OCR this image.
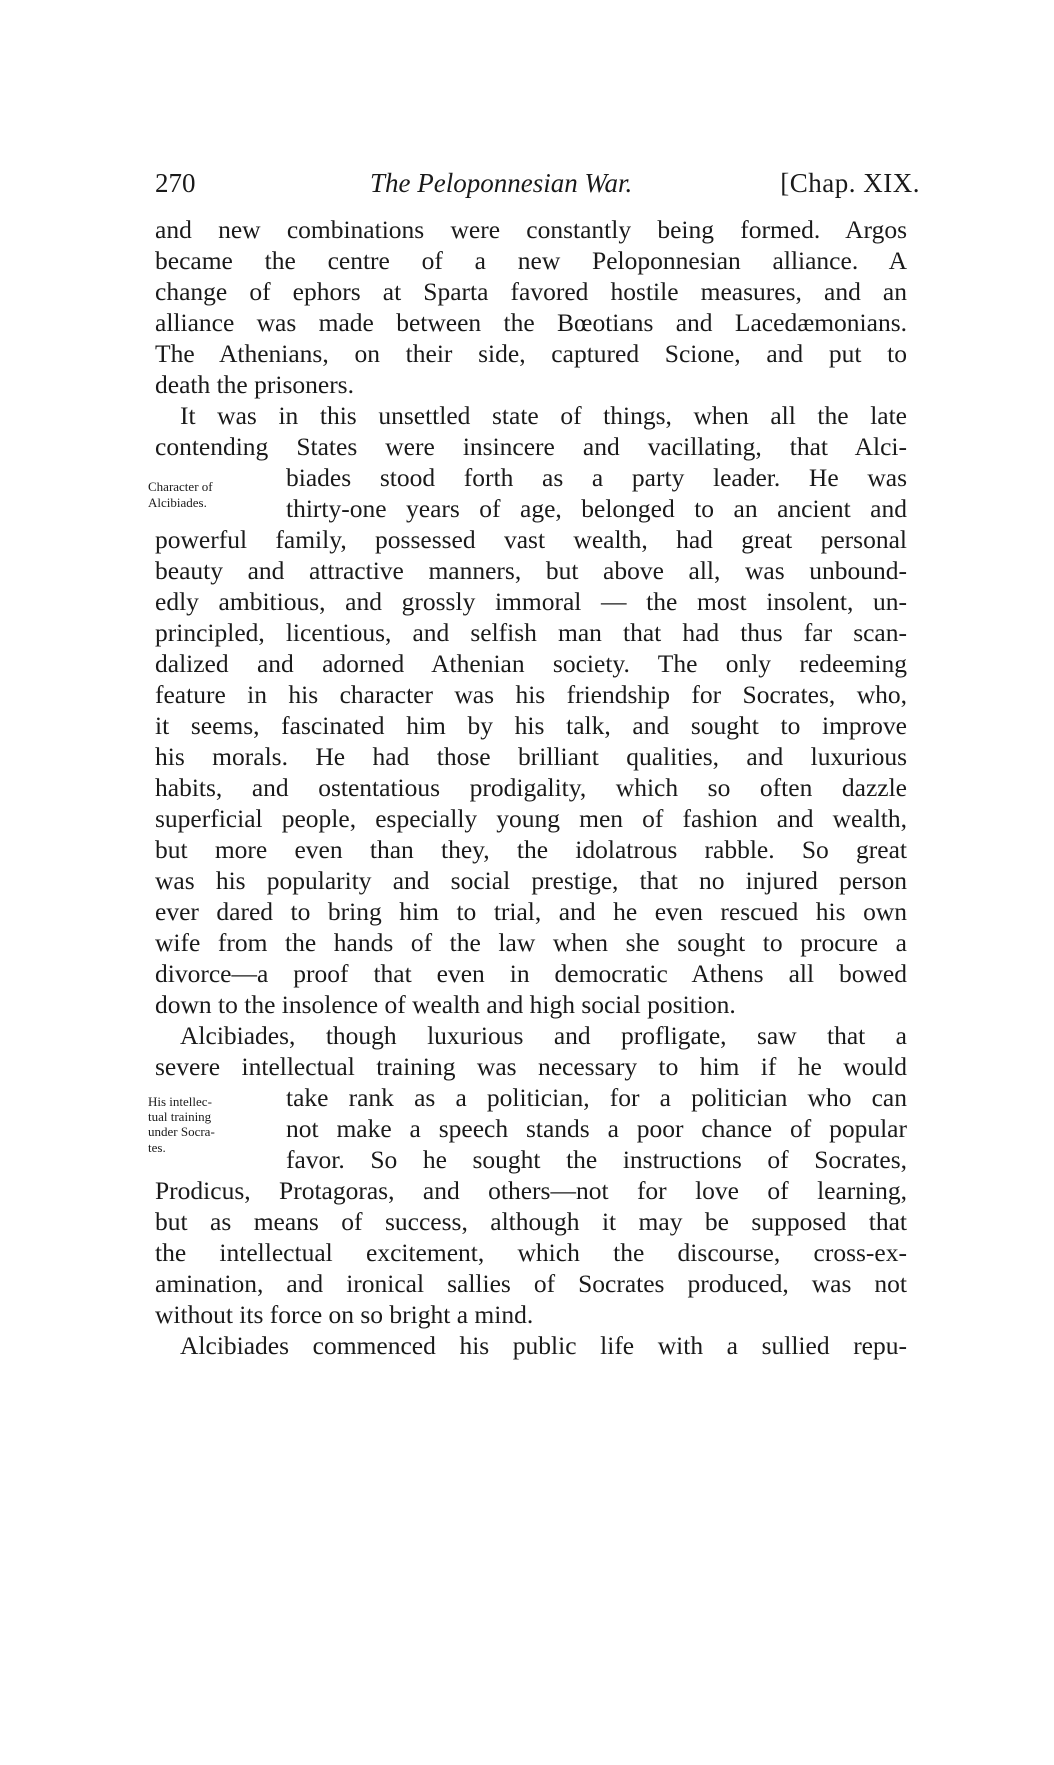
270	The Peloponnesian War.	[Chap. XIX.
and new combinations were constantly being formed. Argos
became the centre of a new Peloponnesian alliance. A
change of ephors at Sparta favored hostile measures, and an
alliance was made between the Bœotians and Lacedæmonians.
The Athenians, on their side, captured Scione, and put to
death the prisoners.
It was in this unsettled state of things, when all the late
contending States were insincere and vacillating, that Alci-
biades stood forth as a party leader. He was
thirty-one years of age, belonged to an ancient and
powerful family, possessed vast wealth, had great personal
beauty and attractive manners, but above all, was unbound-
edly ambitious, and grossly immoral — the most insolent, un-
principled, licentious, and selfish man that had thus far scan-
dalized and adorned Athenian society. The only redeeming
feature in his character was his friendship for Socrates, who,
it seems, fascinated him by his talk, and sought to improve
his morals. He had those brilliant qualities, and luxurious
habits, and ostentatious prodigality, which so often dazzle
superficial people, especially young men of fashion and wealth,
but more even than they, the idolatrous rabble. So great
was his popularity and social prestige, that no injured person
ever dared to bring him to trial, and he even rescued his own
wife from the hands of the law when she sought to procure a
divorce—a proof that even in democratic Athens all bowed
down to the insolence of wealth and high social position.
Alcibiades, though luxurious and profligate, saw that a
severe intellectual training was necessary to him if he would
take rank as a politician, for a politician who can
not make a speech stands a poor chance of popular
favor. So he sought the instructions of Socrates,
Prodicus, Protagoras, and others—not for love of learning,
but as means of success, although it may be supposed that
the intellectual excitement, which the discourse, cross-ex-
amination, and ironical sallies of Socrates produced, was not
without its force on so bright a mind.
Alcibiades commenced his public life with a sullied repu-
Character of
Alcibiades.
His intellec-
tual training
under Socra-
tes.
